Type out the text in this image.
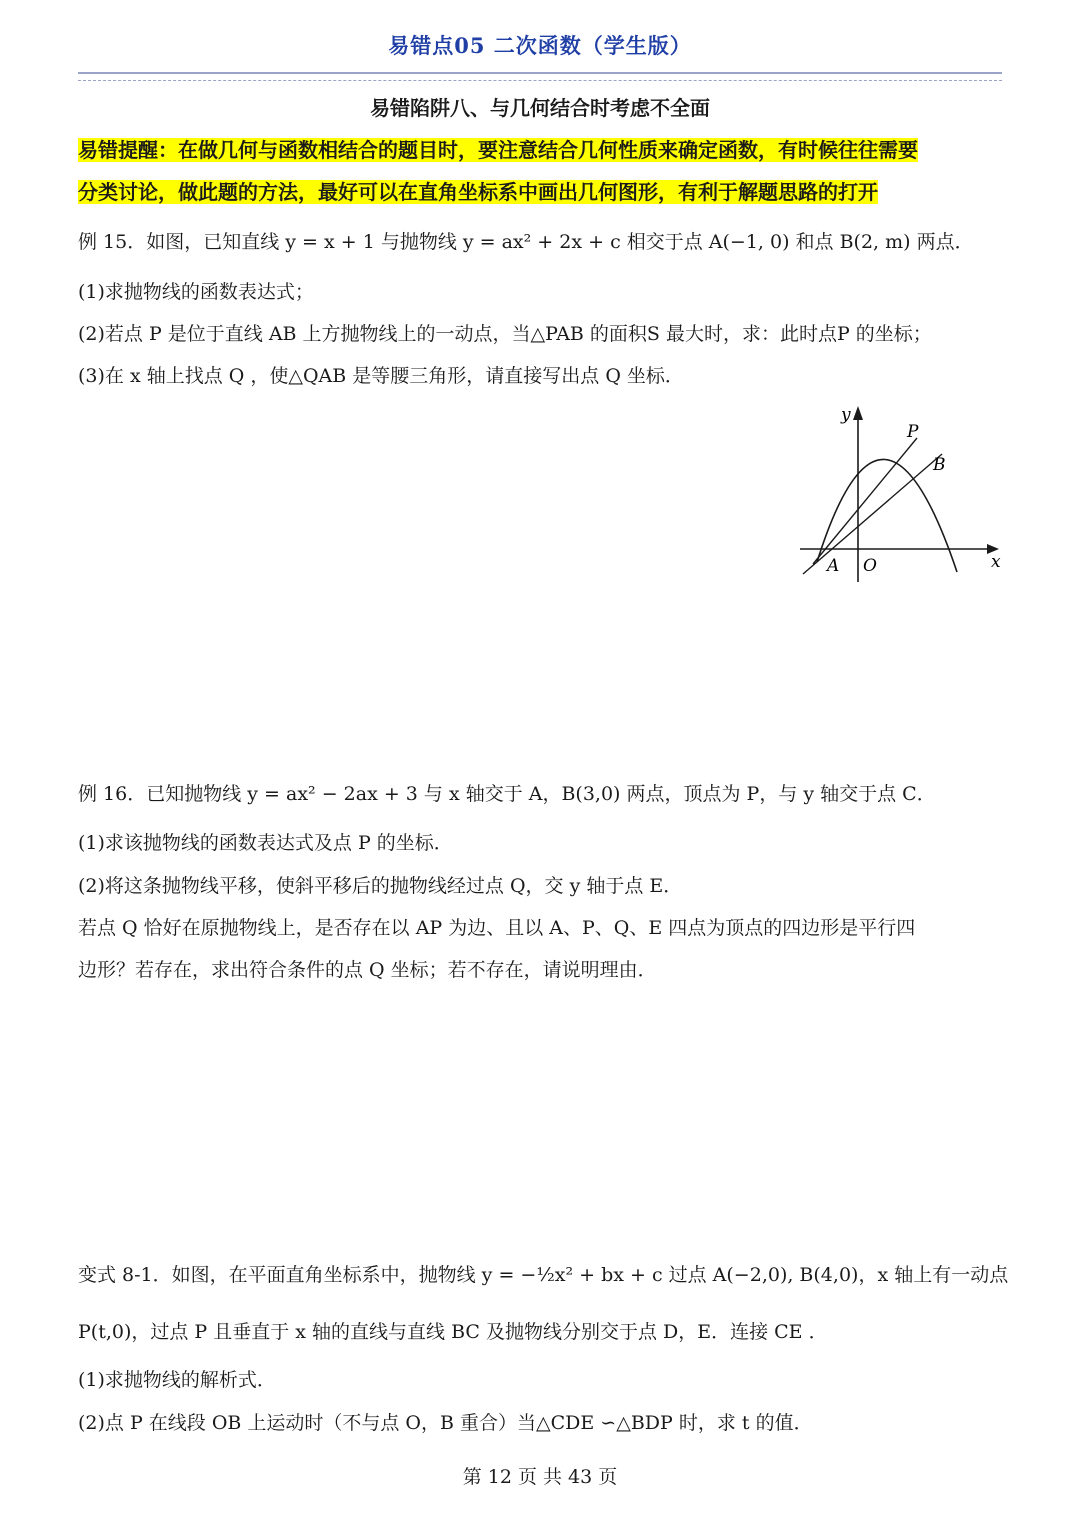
易错点05 二次函数（学生版）
易错陷阱八、与几何结合时考虑不全面
易错提醒：在做几何与函数相结合的题目时，要注意结合几何性质来确定函数，有时候往往需要
分类讨论，做此题的方法，最好可以在直角坐标系中画出几何图形，有利于解题思路的打开
例 15．如图，已知直线 y = x + 1 与抛物线 y = ax² + 2x + c 相交于点 A(−1, 0) 和点 B(2, m) 两点．
(1)求抛物线的函数表达式；
(2)若点 P 是位于直线 AB 上方抛物线上的一动点，当△PAB 的面积S 最大时，求：此时点P 的坐标；
(3)在 x 轴上找点 Q ，使△QAB 是等腰三角形，请直接写出点 Q 坐标．
y
x
P
B
A O
例 16．已知抛物线 y = ax² − 2ax + 3 与 x 轴交于 A，B(3,0) 两点，顶点为 P，与 y 轴交于点 C．
(1)求该抛物线的函数表达式及点 P 的坐标．
(2)将这条抛物线平移，使斜平移后的抛物线经过点 Q，交 y 轴于点 E．
若点 Q 恰好在原抛物线上，是否存在以 AP 为边、且以 A、P、Q、E 四点为顶点的四边形是平行四
边形？若存在，求出符合条件的点 Q 坐标；若不存在，请说明理由．
变式 8-1．如图，在平面直角坐标系中，抛物线 y = −½x² + bx + c 过点 A(−2,0), B(4,0)，x 轴上有一动点
P(t,0)，过点 P 且垂直于 x 轴的直线与直线 BC 及抛物线分别交于点 D，E．连接 CE ．
(1)求抛物线的解析式．
(2)点 P 在线段 OB 上运动时（不与点 O，B 重合）当△CDE ∽△BDP 时，求 t 的值．
第 12 页 共 43 页
